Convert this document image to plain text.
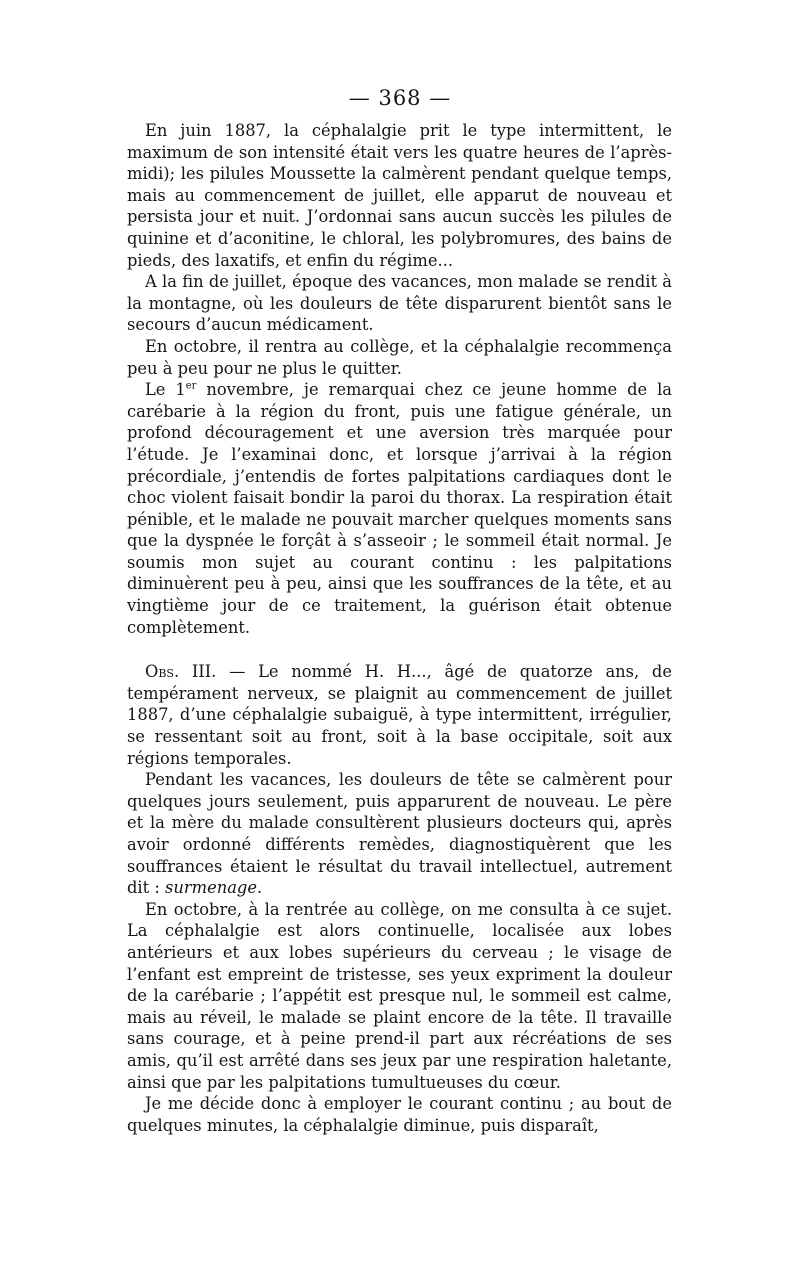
— 368 —

En juin 1887, la céphalalgie prit le type intermittent, le maximum de son intensité était vers les quatre heures de l’après-midi); les pilules Moussette la calmèrent pendant quelque temps, mais au commencement de juillet, elle apparut de nouveau et persista jour et nuit. J’ordonnai sans aucun succès les pilules de quinine et d’aconitine, le chloral, les polybromures, des bains de pieds, des laxatifs, et enfin du régime...

A la fin de juillet, époque des vacances, mon malade se rendit à la montagne, où les douleurs de tête disparurent bientôt sans le secours d’aucun médicament.

En octobre, il rentra au collège, et la céphalalgie recommença peu à peu pour ne plus le quitter.

Le 1er novembre, je remarquai chez ce jeune homme de la carébarie à la région du front, puis une fatigue générale, un profond découragement et une aversion très marquée pour l’étude. Je l’examinai donc, et lorsque j’arrivai à la région précordiale, j’entendis de fortes palpitations cardiaques dont le choc violent faisait bondir la paroi du thorax. La respiration était pénible, et le malade ne pouvait marcher quelques moments sans que la dyspnée le forçât à s’asseoir ; le sommeil était normal. Je soumis mon sujet au courant continu : les palpitations diminuèrent peu à peu, ainsi que les souffrances de la tête, et au vingtième jour de ce traitement, la guérison était obtenue complètement.

Obs. III. — Le nommé H. H..., âgé de quatorze ans, de tempérament nerveux, se plaignit au commencement de juillet 1887, d’une céphalalgie subaiguë, à type intermittent, irrégulier, se ressentant soit au front, soit à la base occipitale, soit aux régions temporales.

Pendant les vacances, les douleurs de tête se calmèrent pour quelques jours seulement, puis apparurent de nouveau. Le père et la mère du malade consultèrent plusieurs docteurs qui, après avoir ordonné différents remèdes, diagnostiquèrent que les souffrances étaient le résultat du travail intellectuel, autrement dit : surmenage.

En octobre, à la rentrée au collège, on me consulta à ce sujet. La céphalalgie est alors continuelle, localisée aux lobes antérieurs et aux lobes supérieurs du cerveau ; le visage de l’enfant est empreint de tristesse, ses yeux expriment la douleur de la carébarie ; l’appétit est presque nul, le sommeil est calme, mais au réveil, le malade se plaint encore de la tête. Il travaille sans courage, et à peine prend-il part aux récréations de ses amis, qu’il est arrêté dans ses jeux par une respiration haletante, ainsi que par les palpitations tumultueuses du cœur.

Je me décide donc à employer le courant continu ; au bout de quelques minutes, la céphalalgie diminue, puis disparaît,
